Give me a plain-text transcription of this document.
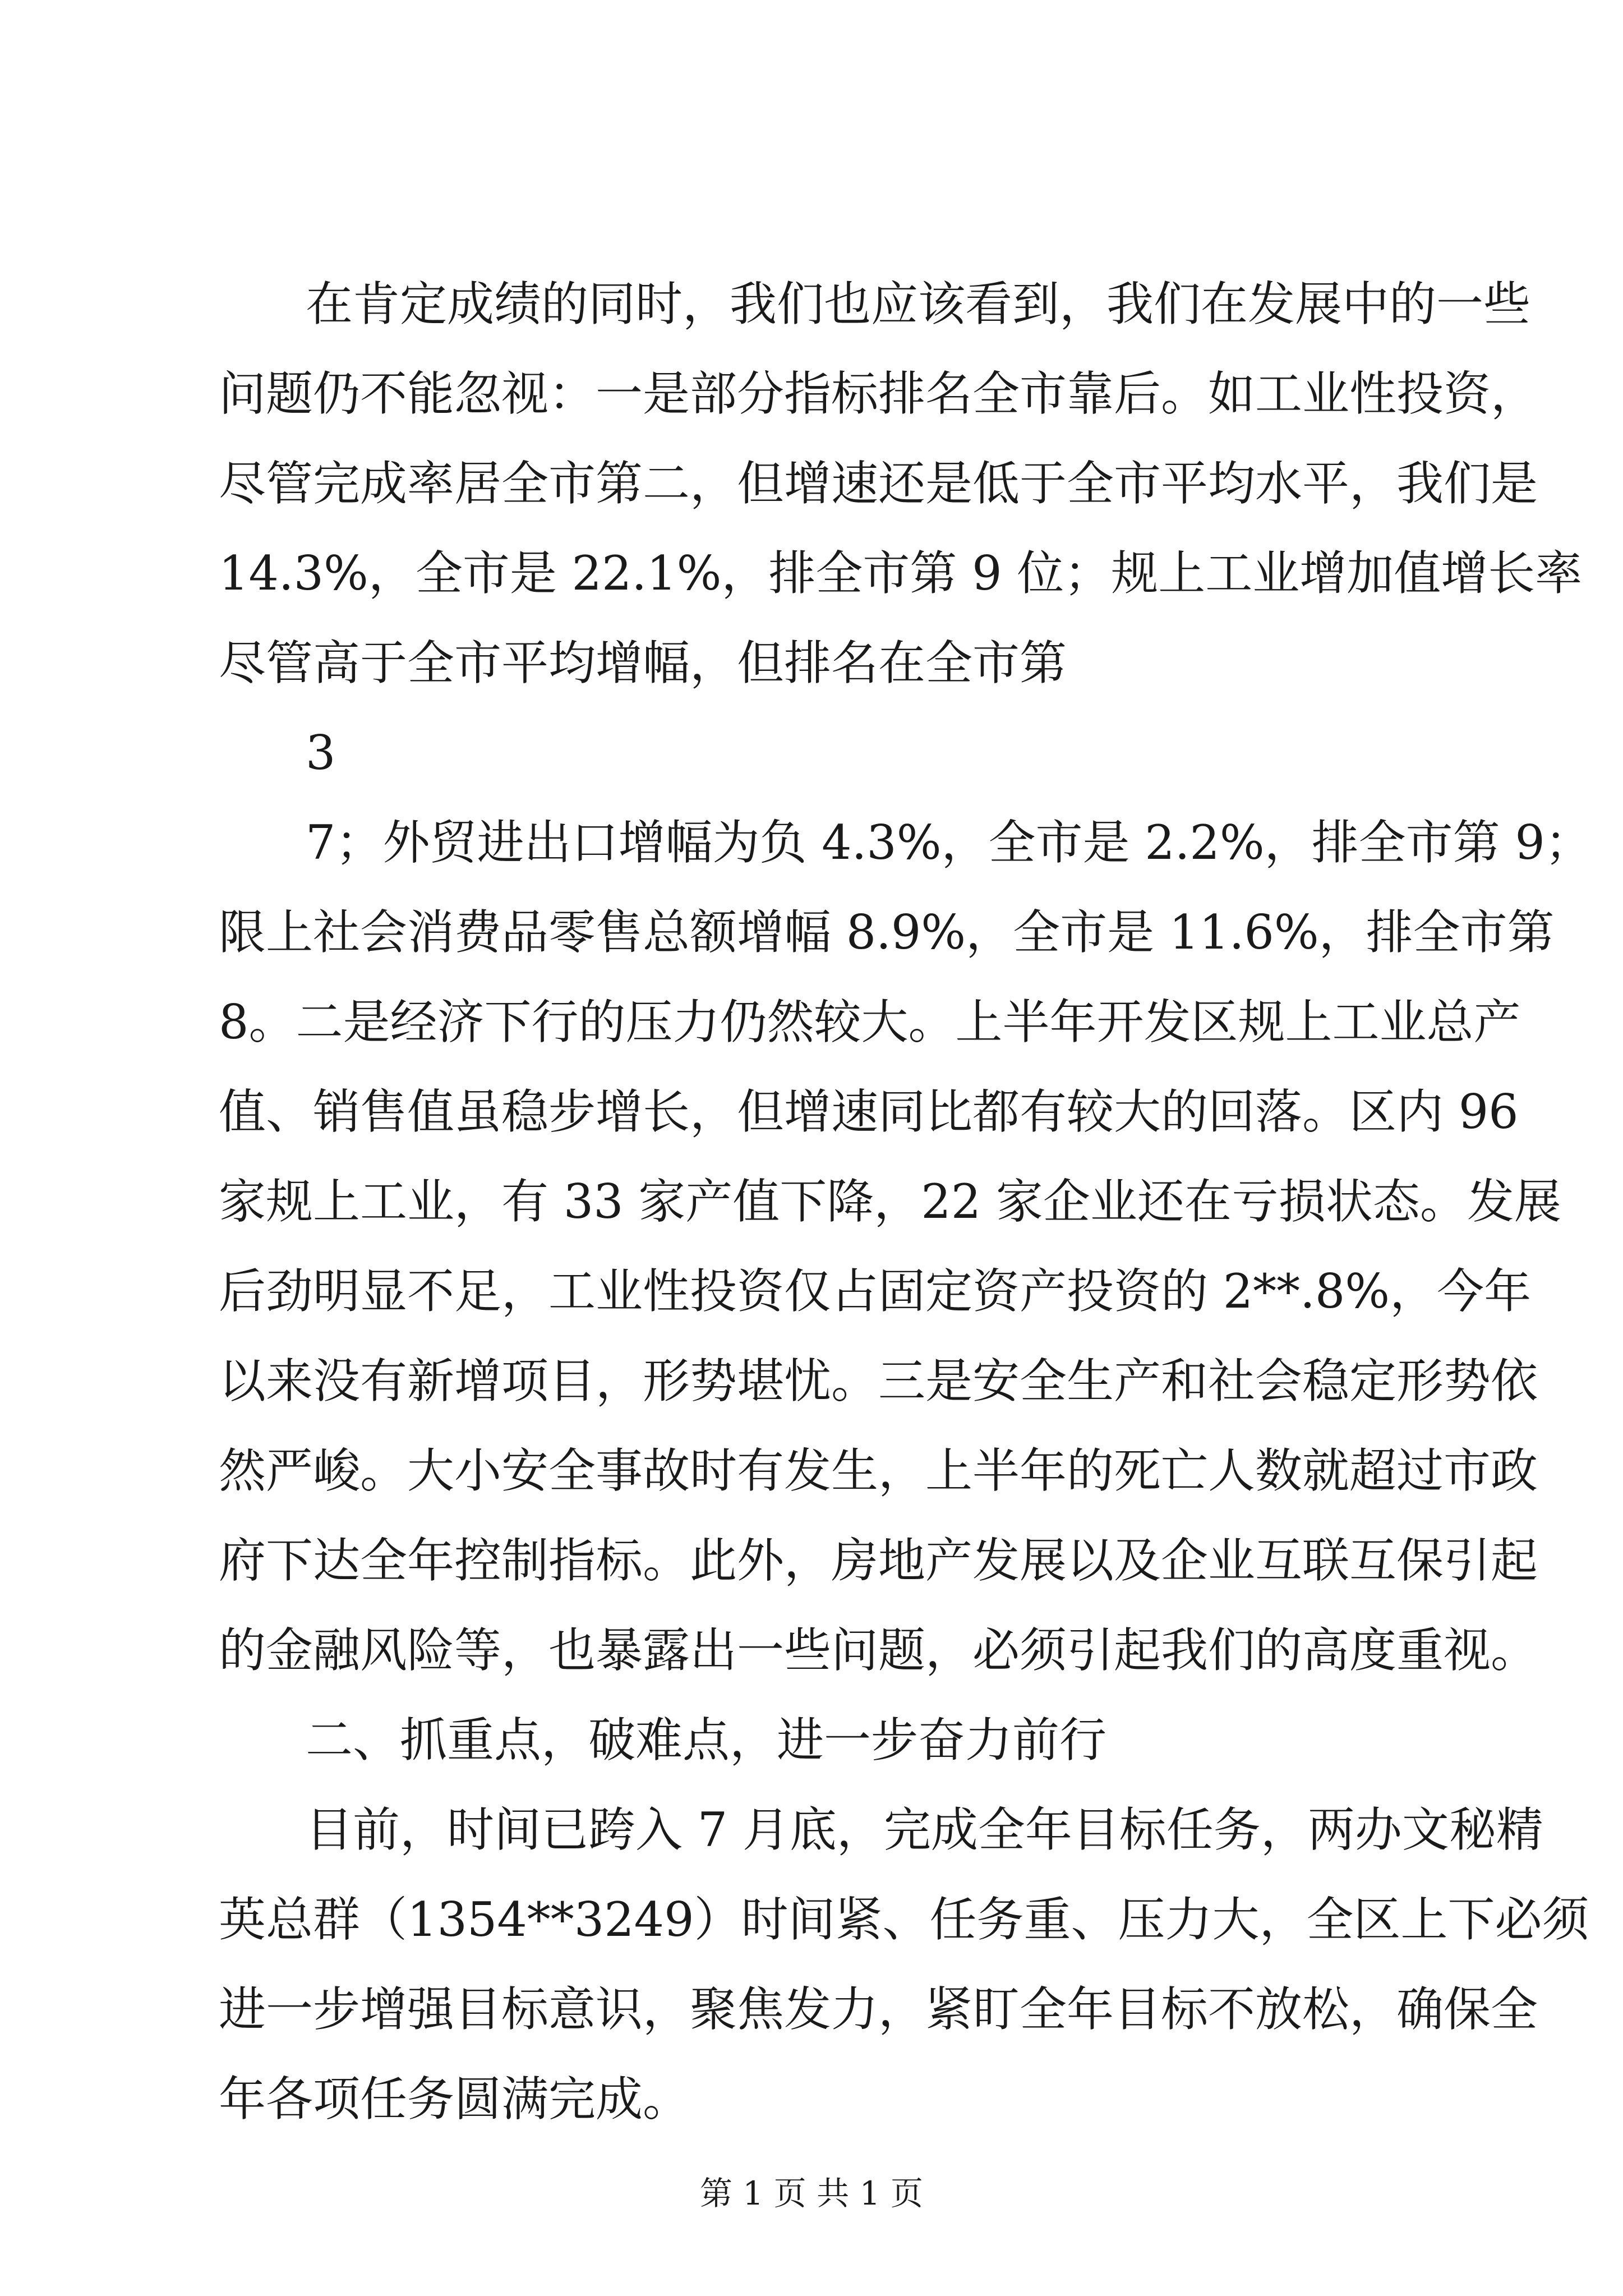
在肯定成绩的同时，我们也应该看到，我们在发展中的一些
问题仍不能忽视：一是部分指标排名全市靠后。如工业性投资，
尽管完成率居全市第二，但增速还是低于全市平均水平，我们是
14.3%，全市是 22.1%，排全市第 9 位；规上工业增加值增长率
尽管高于全市平均增幅，但排名在全市第
3
7；外贸进出口增幅为负 4.3%，全市是 2.2%，排全市第 9；
限上社会消费品零售总额增幅 8.9%，全市是 11.6%，排全市第
8。二是经济下行的压力仍然较大。上半年开发区规上工业总产
值、销售值虽稳步增长，但增速同比都有较大的回落。区内 96
家规上工业，有 33 家产值下降，22 家企业还在亏损状态。发展
后劲明显不足，工业性投资仅占固定资产投资的 2**.8%，今年
以来没有新增项目，形势堪忧。三是安全生产和社会稳定形势依
然严峻。大小安全事故时有发生，上半年的死亡人数就超过市政
府下达全年控制指标。此外，房地产发展以及企业互联互保引起
的金融风险等，也暴露出一些问题，必须引起我们的高度重视。
二、抓重点，破难点，进一步奋力前行
目前，时间已跨入 7 月底，完成全年目标任务，两办文秘精
英总群（1354**3249）时间紧、任务重、压力大，全区上下必须
进一步增强目标意识，聚焦发力，紧盯全年目标不放松，确保全
年各项任务圆满完成。
第 1 页 共 1 页
